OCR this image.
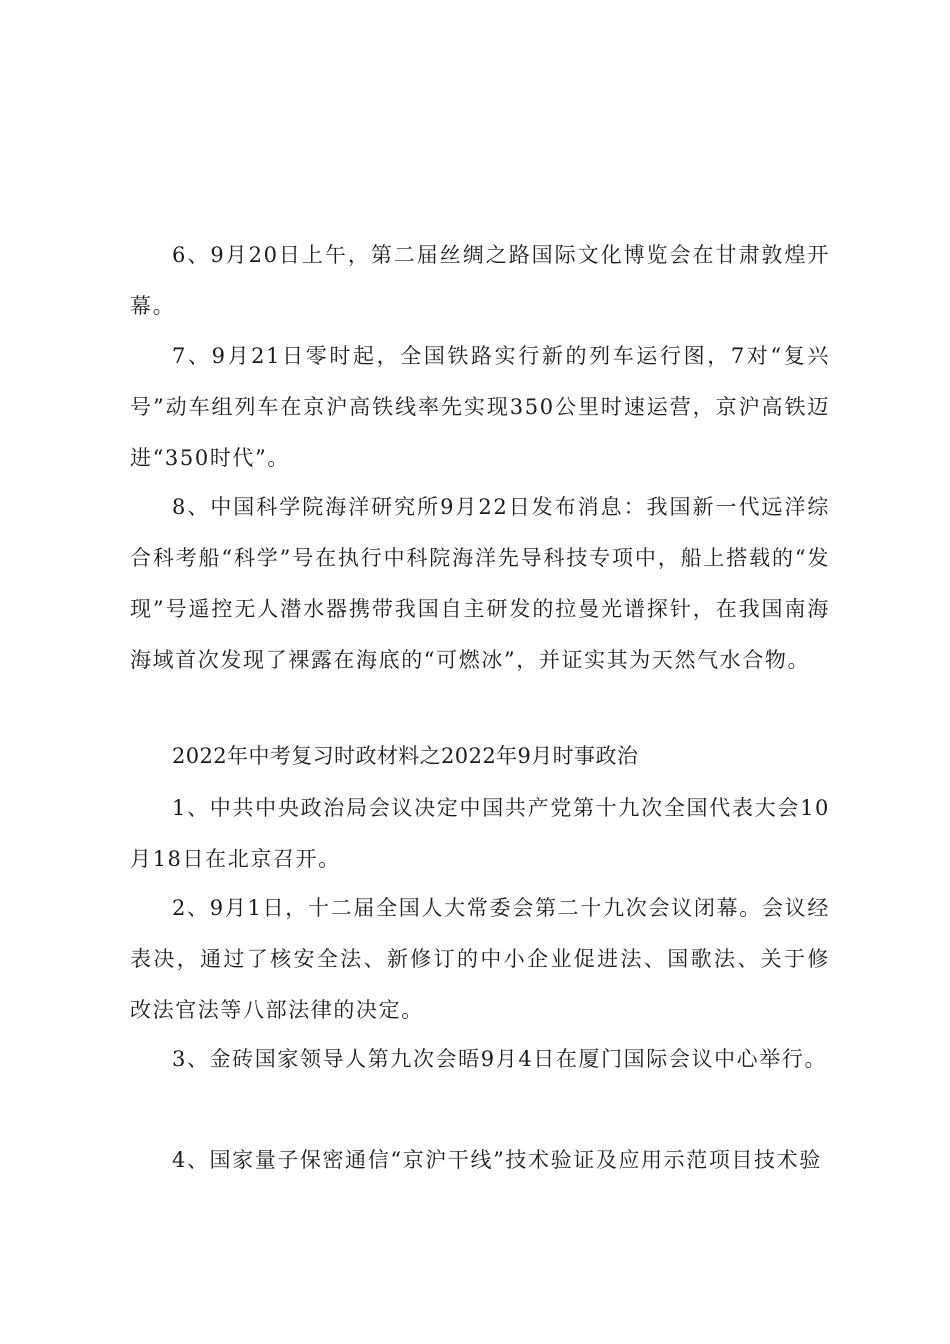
6、9月20日上午，第二届丝绸之路国际文化博览会在甘肃敦煌开幕。

7、9月21日零时起，全国铁路实行新的列车运行图，7对“复兴号”动车组列车在京沪高铁线率先实现350公里时速运营，京沪高铁迈进“350时代”。

8、中国科学院海洋研究所9月22日发布消息：我国新一代远洋综合科考船“科学”号在执行中科院海洋先导科技专项中，船上搭载的“发现”号遥控无人潜水器携带我国自主研发的拉曼光谱探针，在我国南海海域首次发现了裸露在海底的“可燃冰”，并证实其为天然气水合物。

2022年中考复习时政材料之2022年9月时事政治

1、中共中央政治局会议决定中国共产党第十九次全国代表大会10月18日在北京召开。

2、9月1日，十二届全国人大常委会第二十九次会议闭幕。会议经表决，通过了核安全法、新修订的中小企业促进法、国歌法、关于修改法官法等八部法律的决定。

3、金砖国家领导人第九次会晤9月4日在厦门国际会议中心举行。

4、国家量子保密通信“京沪干线”技术验证及应用示范项目技术验
